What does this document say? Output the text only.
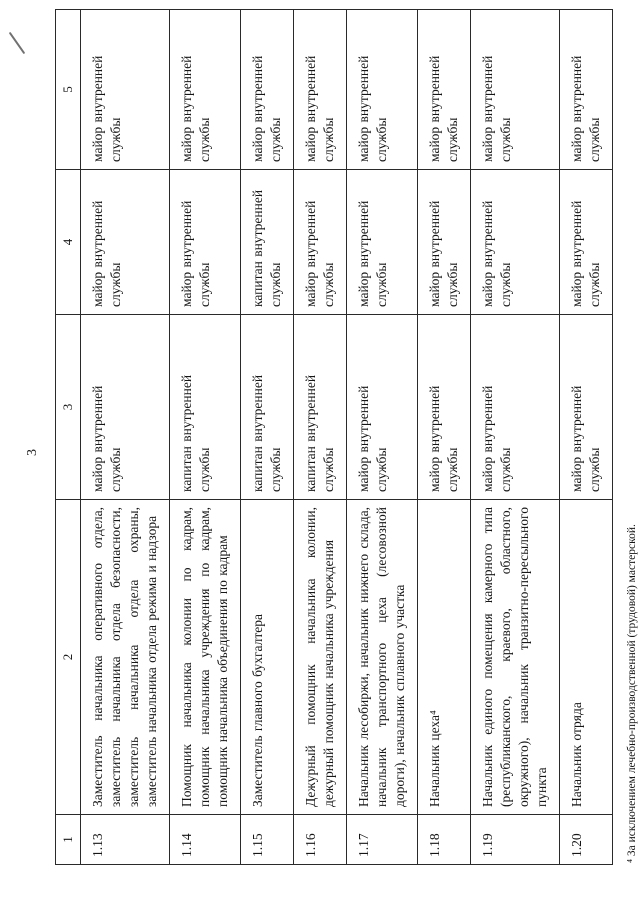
3
1	2	3	4	5
1.13	Заместитель начальника оперативного отдела, заместитель начальника отдела безопасности, заместитель начальника отдела охраны, заместитель начальника отдела режима и надзора	майор внутренней службы	майор внутренней службы	майор внутренней службы

1.14	Помощник начальника колонии по кадрам, помощник начальника учреждения по кадрам, помощник начальника объединения по кадрам	капитан внутренней службы	майор внутренней службы	майор внутренней службы

1.15	Заместитель главного бухгалтера	капитан внутренней службы	капитан внутренней службы	майор внутренней службы

1.16	Дежурный помощник начальника колонии, дежурный помощник начальника учреждения	капитан внутренней службы	майор внутренней службы	майор внутренней службы

1.17	Начальник лесобиржи, начальник нижнего склада, начальник транспортного цеха (лесовозной дороги), начальник сплавного участка	майор внутренней службы	майор внутренней службы	майор внутренней службы

1.18	Начальник цеха⁴	майор внутренней службы	майор внутренней службы	майор внутренней службы

1.19	Начальник единого помещения камерного типа (республиканского, краевого, областного, окружного), начальник транзитно-пересыльного пункта	майор внутренней службы	майор внутренней службы	майор внутренней службы

1.20	Начальник отряда	майор внутренней службы	майор внутренней службы	майор внутренней службы
⁴ За исключением лечебно-производственной (трудовой) мастерской.
